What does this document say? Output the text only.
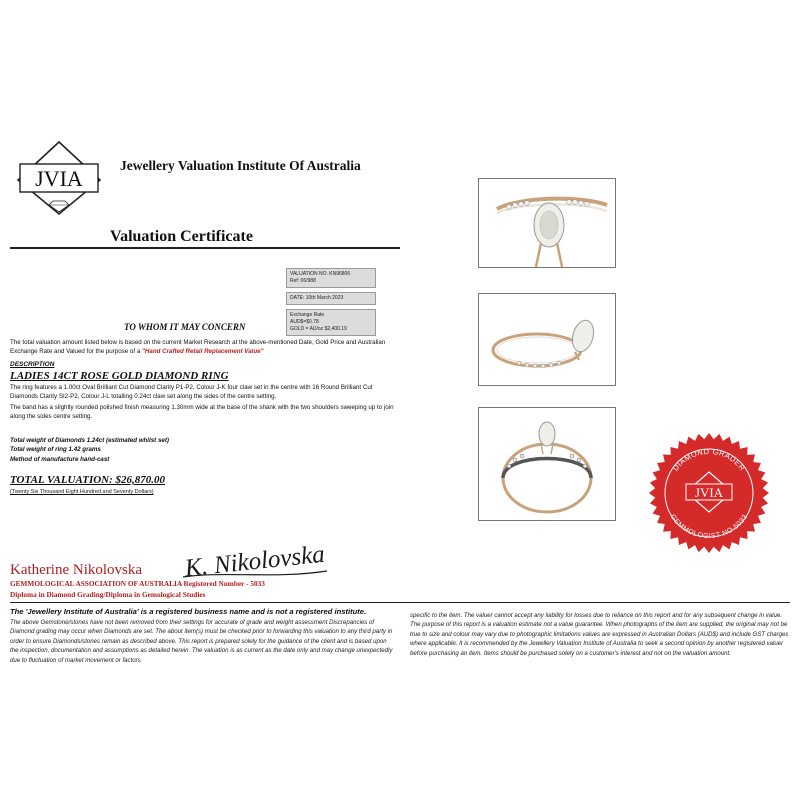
JVIA
Jewellery Valuation Institute Of Australia
Valuation Certificate
VALUATION NO. KN96806
Ref: 06/988
DATE: 10th March 2023
Exchange Rate
AUD$=$0.78
GOLD = AU/oz $2,400.19
TO WHOM IT MAY CONCERN
The total valuation amount listed below is based on the current Market Research at the above-mentioned Date, Gold Price and Australian Exchange Rate and Valued for the purpose of a "Hand Crafted Retail Replacement Value"
DESCRIPTION
LADIES 14CT ROSE GOLD DIAMOND RING

The ring features a 1.00ct Oval Brilliant Cut Diamond Clarity P1-P2, Colour J-K four claw set in the centre with 16 Round Brilliant Cut Diamonds Clarity SI2-P2, Colour J-L totalling 0.24ct claw set along the sides of the centre setting.

The band has a slightly rounded polished finish measuring 1.30mm wide at the base of the shank with the two shoulders sweeping up to join along the sides centre setting.

Total weight of Diamonds 1.24ct (estimated whilst set)
Total weight of ring 1.42 grams
Method of manufacture hand-cast
TOTAL VALUATION: $26,870.00
(Twenty Six Thousand Eight Hundred and Seventy Dollars)
Katherine Nikolovska K. Nikolovska
GEMMOLOGICAL ASSOCIATION OF AUSTRALIA Registered Number - 5033
Diploma in Diamond Grading/Diploma in Gemological Studies
The 'Jewellery Institute of Australia' is a registered business name and is not a registered institute.
The above Gemstone/stones have not been removed from their settings for accurate of grade and weight assessment Discrepancies of Diamond grading may occur when Diamonds are set. The about item(s) must be checked prior to forwarding this valuation to any third party in order to ensure Diamonds/stones remain as described above. This report is prepared solely for the guidance of the client and is based upon the inspection, documentation and assumptions as detailed herein. The valuation is as current as the date only and may change unexpectedly due to fluctuation of market movement or factors
specific to the item. The valuer cannot accept any liability for losses due to reliance on this report and for any subsequent change in value. The purpose of this report is a valuation estimate not a value guarantee. When photographs of the item are supplied, the original may not be true to size and colour may vary due to photographic limitations values are expressed in Australian Dollars (AUD$) and include GST charges where applicable. It is recommended by the Jewellery Valuation Institute of Australia to seek a second opinion by another registered valuer before purchasing an item. Items should be purchased solely on a customer's interest and not on the valuation amount.
DIAMOND GRADER
GEMMOLOGIST NO 5033
JVIA
